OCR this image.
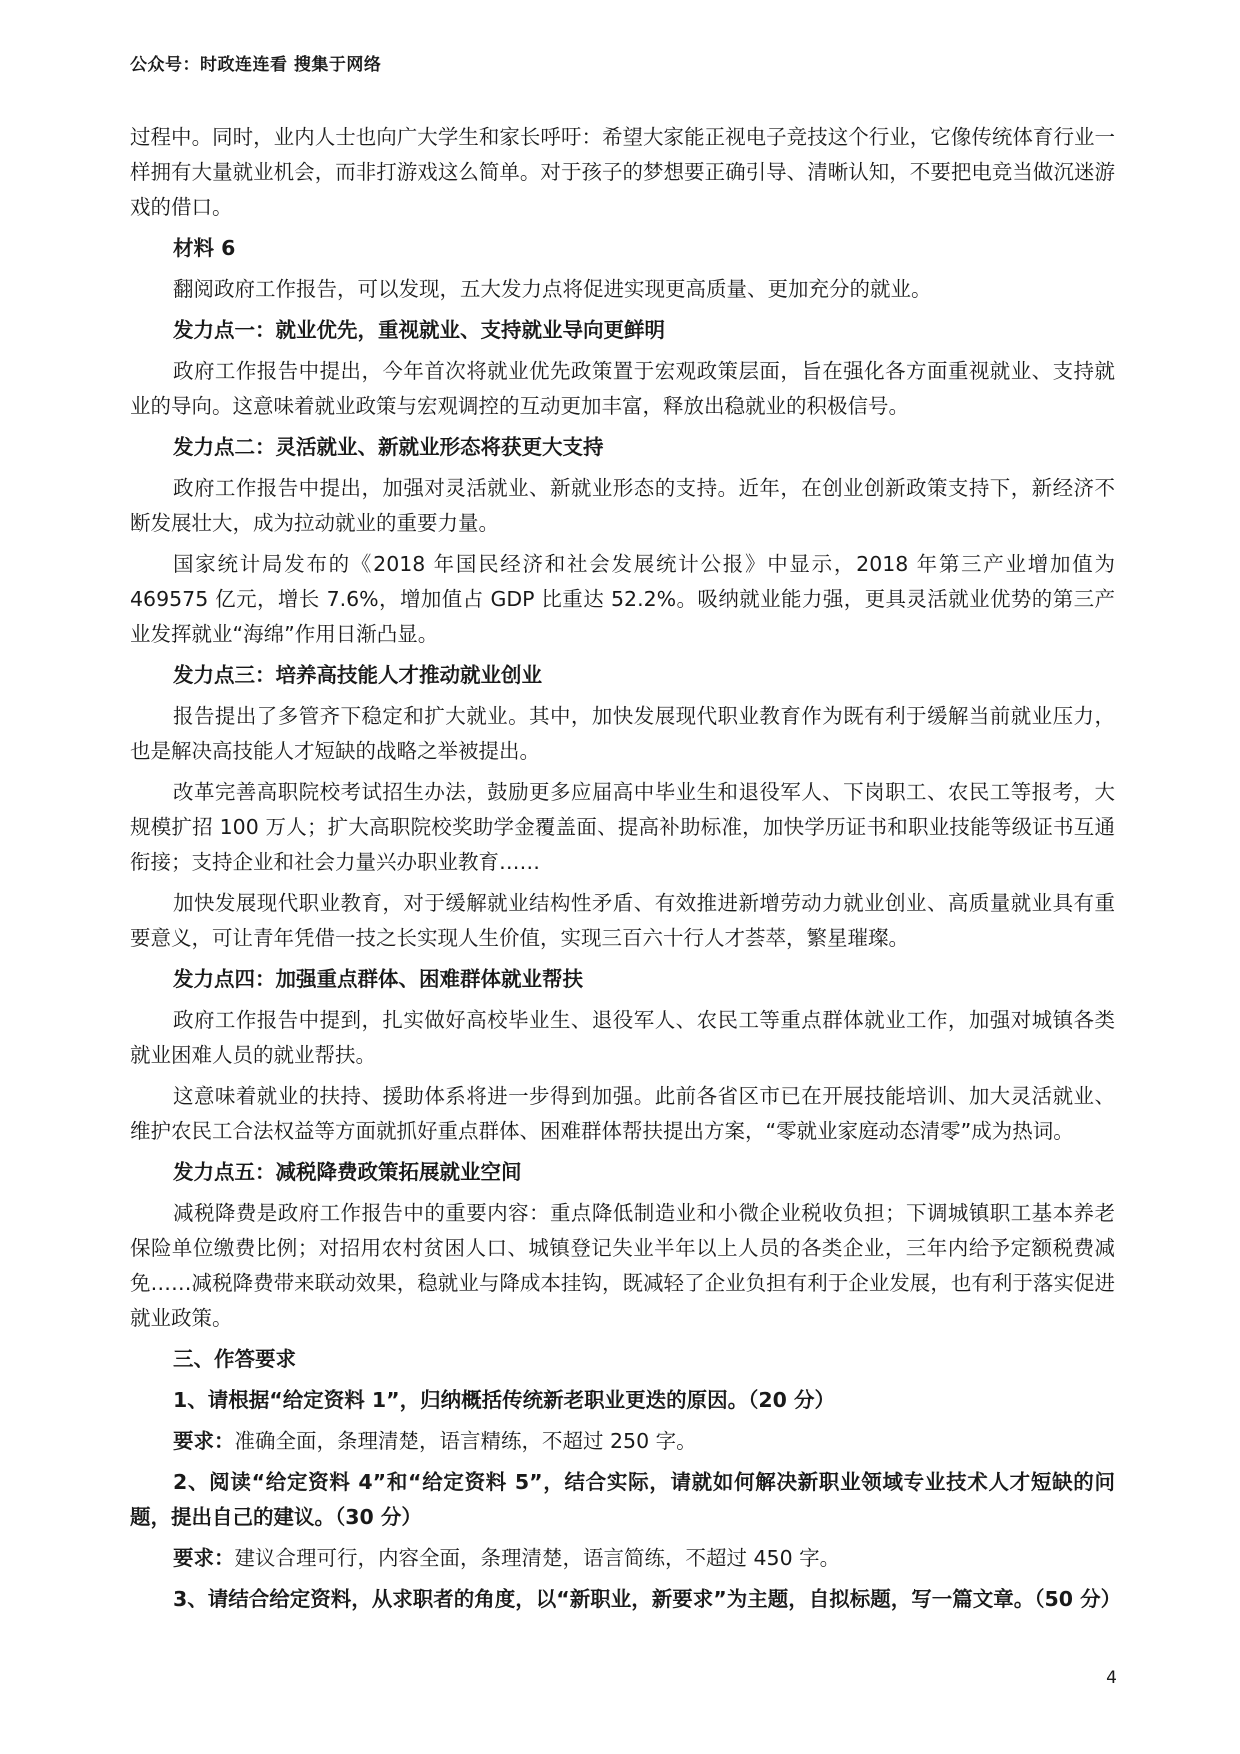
公众号：时政连连看 搜集于网络

过程中。同时，业内人士也向广大学生和家长呼吁：希望大家能正视电子竞技这个行业，它像传统体育行业一样拥有大量就业机会，而非打游戏这么简单。对于孩子的梦想要正确引导、清晰认知，不要把电竞当做沉迷游戏的借口。

材料 6

翻阅政府工作报告，可以发现，五大发力点将促进实现更高质量、更加充分的就业。

发力点一：就业优先，重视就业、支持就业导向更鲜明

政府工作报告中提出，今年首次将就业优先政策置于宏观政策层面，旨在强化各方面重视就业、支持就业的导向。这意味着就业政策与宏观调控的互动更加丰富，释放出稳就业的积极信号。

发力点二：灵活就业、新就业形态将获更大支持

政府工作报告中提出，加强对灵活就业、新就业形态的支持。近年，在创业创新政策支持下，新经济不断发展壮大，成为拉动就业的重要力量。

国家统计局发布的《2018 年国民经济和社会发展统计公报》中显示，2018 年第三产业增加值为 469575 亿元，增长 7.6%，增加值占 GDP 比重达 52.2%。吸纳就业能力强，更具灵活就业优势的第三产业发挥就业“海绵”作用日渐凸显。

发力点三：培养高技能人才推动就业创业

报告提出了多管齐下稳定和扩大就业。其中，加快发展现代职业教育作为既有利于缓解当前就业压力，也是解决高技能人才短缺的战略之举被提出。

改革完善高职院校考试招生办法，鼓励更多应届高中毕业生和退役军人、下岗职工、农民工等报考，大规模扩招 100 万人；扩大高职院校奖助学金覆盖面、提高补助标准，加快学历证书和职业技能等级证书互通衔接；支持企业和社会力量兴办职业教育……

加快发展现代职业教育，对于缓解就业结构性矛盾、有效推进新增劳动力就业创业、高质量就业具有重要意义，可让青年凭借一技之长实现人生价值，实现三百六十行人才荟萃，繁星璀璨。

发力点四：加强重点群体、困难群体就业帮扶

政府工作报告中提到，扎实做好高校毕业生、退役军人、农民工等重点群体就业工作，加强对城镇各类就业困难人员的就业帮扶。

这意味着就业的扶持、援助体系将进一步得到加强。此前各省区市已在开展技能培训、加大灵活就业、维护农民工合法权益等方面就抓好重点群体、困难群体帮扶提出方案，“零就业家庭动态清零”成为热词。

发力点五：减税降费政策拓展就业空间

减税降费是政府工作报告中的重要内容：重点降低制造业和小微企业税收负担；下调城镇职工基本养老保险单位缴费比例；对招用农村贫困人口、城镇登记失业半年以上人员的各类企业，三年内给予定额税费减免……减税降费带来联动效果，稳就业与降成本挂钩，既减轻了企业负担有利于企业发展，也有利于落实促进就业政策。

三、作答要求

1、请根据“给定资料 1”，归纳概括传统新老职业更迭的原因。（20 分）

要求：准确全面，条理清楚，语言精练，不超过 250 字。

2、阅读“给定资料 4”和“给定资料 5”，结合实际，请就如何解决新职业领域专业技术人才短缺的问题，提出自己的建议。（30 分）

要求：建议合理可行，内容全面，条理清楚，语言简练，不超过 450 字。

3、请结合给定资料，从求职者的角度，以“新职业，新要求”为主题，自拟标题，写一篇文章。（50 分）

4
